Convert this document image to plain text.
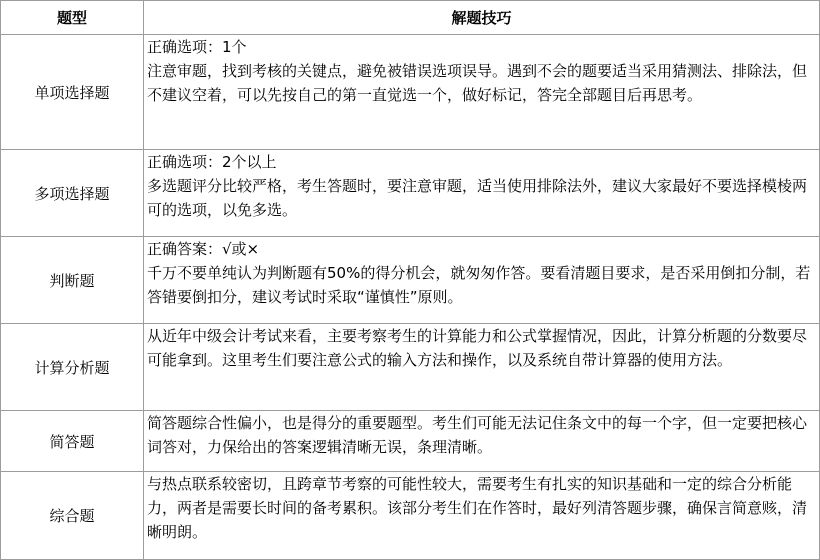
题型	解题技巧
单项选择题	正确选项：1个
注意审题，找到考核的关键点，避免被错误选项误导。遇到不会的题要适当采用猜测法、排除法，但不建议空着，可以先按自己的第一直觉选一个，做好标记，答完全部题目后再思考。

多项选择题	正确选项：2个以上
多选题评分比较严格，考生答题时，要注意审题，适当使用排除法外，建议大家最好不要选择模棱两可的选项，以免多选。

判断题	正确答案：√或×
千万不要单纯认为判断题有50%的得分机会，就匆匆作答。要看清题目要求，是否采用倒扣分制，若答错要倒扣分，建议考试时采取“谨慎性”原则。

计算分析题	从近年中级会计考试来看，主要考察考生的计算能力和公式掌握情况，因此，计算分析题的分数要尽可能拿到。这里考生们要注意公式的输入方法和操作，以及系统自带计算器的使用方法。

简答题	简答题综合性偏小，也是得分的重要题型。考生们可能无法记住条文中的每一个字，但一定要把核心词答对，力保给出的答案逻辑清晰无误，条理清晰。

综合题	与热点联系较密切，且跨章节考察的可能性较大，需要考生有扎实的知识基础和一定的综合分析能力，两者是需要长时间的备考累积。该部分考生们在作答时，最好列清答题步骤，确保言简意赅，清晰明朗。
